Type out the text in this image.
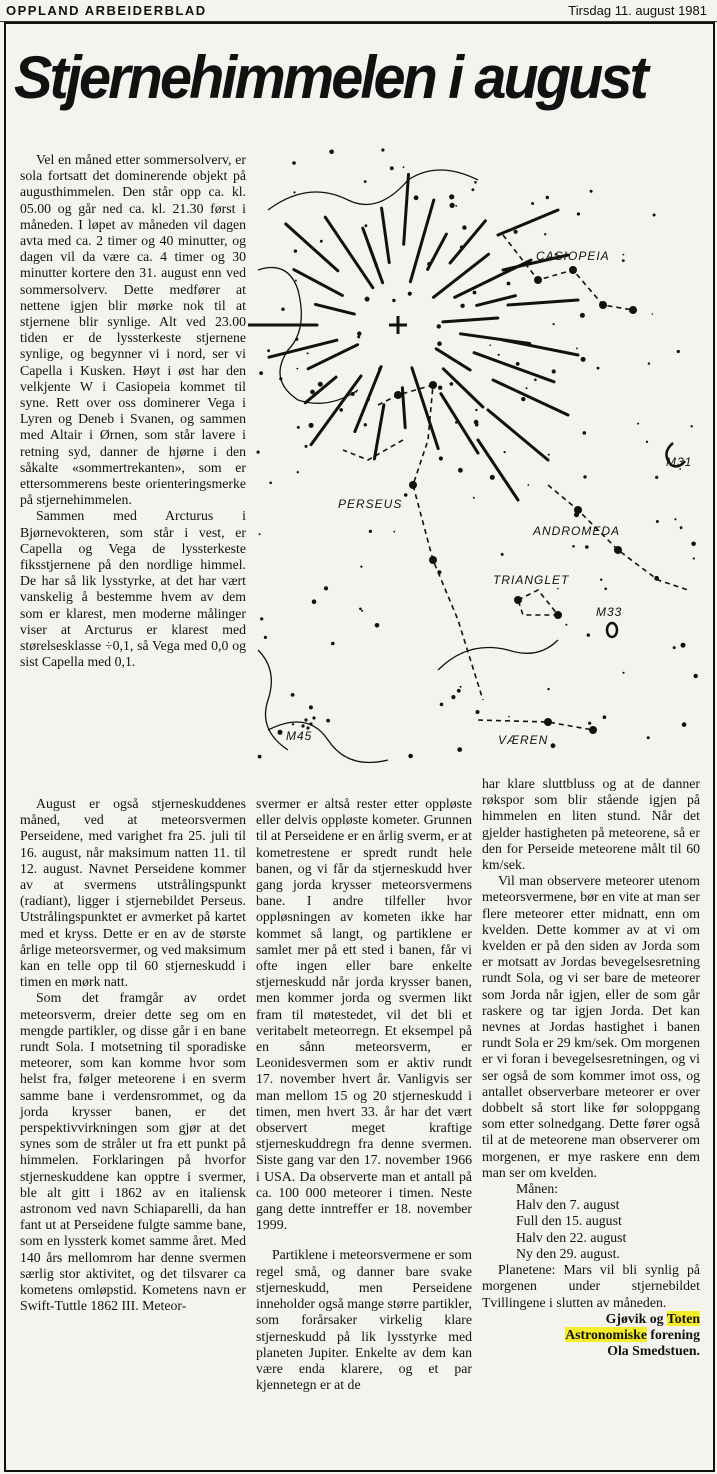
OPPLAND ARBEIDERBLAD	Tirsdag 11. august 1981
Stjernehimmelen i august

Vel en måned etter sommersolverv, er sola fortsatt det dominerende objekt på augusthimmelen. Den står opp ca. kl. 05.00 og går ned ca. kl. 21.30 først i måneden. I løpet av måneden vil dagen avta med ca. 2 timer og 40 minutter, og dagen vil da være ca. 4 timer og 30 minutter kortere den 31. august enn ved sommersolverv. Dette medfører at nettene igjen blir mørke nok til at stjernene blir synlige. Alt ved 23.00 tiden er de lyssterkeste stjernene synlige, og begynner vi i nord, ser vi Capella i Kusken. Høyt i øst har den velkjente W i Casiopeia kommet til syne. Rett over oss dominerer Vega i Lyren og Deneb i Svanen, og sammen med Altair i Ørnen, som står lavere i retning syd, danner de hjørne i den såkalte «sommertrekanten», som er ettersommerens beste orienteringsmerke på stjernehimmelen.

Sammen med Arcturus i Bjørnevokteren, som står i vest, er Capella og Vega de lyssterkeste fiksstjernene på den nordlige himmel. De har så lik lysstyrke, at det har vært vanskelig å bestemme hvem av dem som er klarest, men moderne målinger viser at Arcturus er klarest med størelsesklasse ÷0,1, så Vega med 0,0 og sist Capella med 0,1.

CASIOPEIA
PERSEUS
ANDROMEDA
M31
TRIANGLET
M33
M45	VÆREN

August er også stjerneskuddenes måned, ved at meteorsvermen Perseidene, med varighet fra 25. juli til 16. august, når maksimum natten 11. til 12. august. Navnet Perseidene kommer av at svermens utstrålingspunkt (radiant), ligger i stjernebildet Perseus. Utstrålingspunktet er avmerket på kartet med et kryss. Dette er en av de største årlige meteorsvermer, og ved maksimum kan en telle opp til 60 stjerneskudd i timen en mørk natt.

Som det framgår av ordet meteorsverm, dreier dette seg om en mengde partikler, og disse går i en bane rundt Sola. I motsetning til sporadiske meteorer, som kan komme hvor som helst fra, følger meteorene i en sverm samme bane i verdensrommet, og da jorda krysser banen, er det perspektivvirkningen som gjør at det synes som de stråler ut fra ett punkt på himmelen. Forklaringen på hvorfor stjerneskuddene kan opptre i svermer, ble alt gitt i 1862 av en italiensk astronom ved navn Schiaparelli, da han fant ut at Perseidene fulgte samme bane, som en lyssterk komet samme året. Med 140 års mellomrom har denne svermen særlig stor aktivitet, og det tilsvarer ca kometens omløpstid. Kometens navn er Swift-Tuttle 1862 III. Meteor-

svermer er altså rester etter oppløste eller delvis oppløste kometer. Grunnen til at Perseidene er en årlig sverm, er at kometrestene er spredt rundt hele banen, og vi får da stjerneskudd hver gang jorda krysser meteorsvermens bane. I andre tilfeller hvor oppløsningen av kometen ikke har kommet så langt, og partiklene er samlet mer på ett sted i banen, får vi ofte ingen eller bare enkelte stjerneskudd når jorda krysser banen, men kommer jorda og svermen likt fram til møtestedet, vil det bli et veritabelt meteorregn. Et eksempel på en sånn meteorsverm, er Leonidesvermen som er aktiv rundt 17. november hvert år. Vanligvis ser man mellom 15 og 20 stjerneskudd i timen, men hvert 33. år har det vært observert meget kraftige stjerneskuddregn fra denne svermen. Siste gang var den 17. november 1966 i USA. Da observerte man et antall på ca. 100 000 meteorer i timen. Neste gang dette inntreffer er 18. november 1999.

Partiklene i meteorsvermene er som regel små, og danner bare svake stjerneskudd, men Perseidene inneholder også mange større partikler, som forårsaker virkelig klare stjerneskudd på lik lysstyrke med planeten Jupiter. Enkelte av dem kan være enda klarere, og et par kjennetegn er at de

har klare sluttbluss og at de danner røkspor som blir stående igjen på himmelen en liten stund. Når det gjelder hastigheten på meteorene, så er den for Perseide meteorene målt til 60 km/sek.

Vil man observere meteorer utenom meteorsvermene, bør en vite at man ser flere meteorer etter midnatt, enn om kvelden. Dette kommer av at vi om kvelden er på den siden av Jorda som er motsatt av Jordas bevegelsesretning rundt Sola, og vi ser bare de meteorer som Jorda når igjen, eller de som går raskere og tar igjen Jorda. Det kan nevnes at Jordas hastighet i banen rundt Sola er 29 km/sek. Om morgenen er vi foran i bevegelsesretningen, og vi ser også de som kommer imot oss, og antallet observerbare meteorer er over dobbelt så stort like før soloppgang som etter solnedgang. Dette fører også til at de meteorene man observerer om morgenen, er mye raskere enn dem man ser om kvelden.

Månen:

Halv den 7. august

Full den 15. august

Halv den 22. august

Ny den 29. august.

Planetene: Mars vil bli synlig på morgenen under stjernebildet Tvillingene i slutten av måneden.

Gjøvik og Toten
Astronomiske forening
Ola Smedstuen.
